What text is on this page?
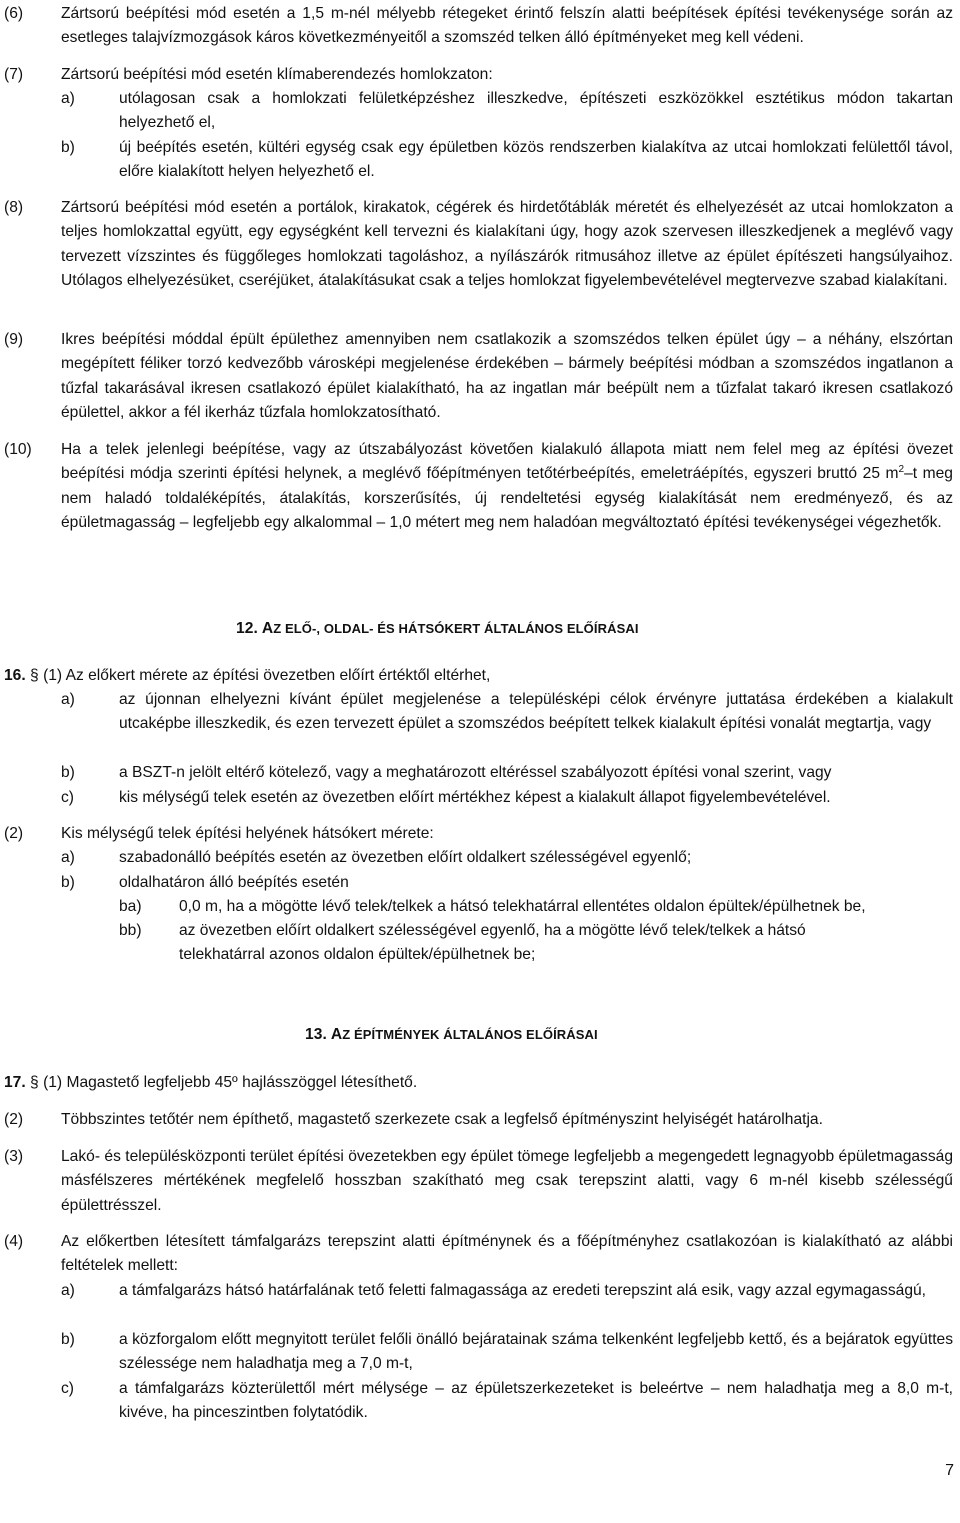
(6) Zártsorú beépítési mód esetén a 1,5 m-nél mélyebb rétegeket érintő felszín alatti beépítések építési tevékenysége során az esetleges talajvízmozgások káros következményeitől a szomszéd telken álló építményeket meg kell védeni.
(7) Zártsorú beépítési mód esetén klímaberendezés homlokzaton:
a)	utólagosan csak a homlokzati felületképzéshez illeszkedve, építészeti eszközökkel esztétikus módon takartan helyezhető el,
b)	új beépítés esetén, kültéri egység csak egy épületben közös rendszerben kialakítva az utcai homlokzati felülettől távol, előre kialakított helyen helyezhető el.
(8) Zártsorú beépítési mód esetén a portálok, kirakatok, cégérek és hirdetőtáblák méretét és elhelyezését az utcai homlokzaton a teljes homlokzattal együtt, egy egységként kell tervezni és kialakítani úgy, hogy azok szervesen illeszkedjenek a meglévő vagy tervezett vízszintes és függőleges homlokzati tagoláshoz, a nyílászárók ritmusához illetve az épület építészeti hangsúlyaihoz. Utólagos elhelyezésüket, cseréjüket, átalakításukat csak a teljes homlokzat figyelembevételével megtervezve szabad kialakítani.
(9) Ikres beépítési móddal épült épülethez amennyiben nem csatlakozik a szomszédos telken épület úgy – a néhány, elszórtan megépített féliker torzó kedvezőbb városképi megjelenése érdekében – bármely beépítési módban a szomszédos ingatlanon a tűzfal takarásával ikresen csatlakozó épület kialakítható, ha az ingatlan már beépült nem a tűzfalat takaró ikresen csatlakozó épülettel, akkor a fél ikerház tűzfala homlokzatosítható.
(10) Ha a telek jelenlegi beépítése, vagy az útszabályozást követően kialakuló állapota miatt nem felel meg az építési övezet beépítési módja szerinti építési helynek, a meglévő főépítményen tetőtérbeépítés, emeletráépítés, egyszeri bruttó 25 $m^2-t$ meg nem haladó toldaléképítés, átalakítás, korszerűsítés, új rendeltetési egység kialakítását nem eredményező, és az épületmagasság – legfeljebb egy alkalommal – 1,0 métert meg nem haladóan megváltoztató építési tevékenységei végezhetők.
12. AZ ELŐ-, OLDAL- ÉS HÁTSÓKERT ÁLTALÁNOS ELŐÍRÁSAI
16. § (1) Az előkert mérete az építési övezetben előírt értéktől eltérhet,
a)	az újonnan elhelyezni kívánt épület megjelenése a településképi célok érvényre juttatása érdekében a kialakult utcaképbe illeszkedik, és ezen tervezett épület a szomszédos beépített telkek kialakult építési vonalát megtartja, vagy
b)	a BSZT-n jelölt eltérő kötelező, vagy a meghatározott eltéréssel szabályozott építési vonal szerint, vagy
c)	kis mélységű telek esetén az övezetben előírt mértékhez képest a kialakult állapot figyelembevételével.
(2) Kis mélységű telek építési helyének hátsókert mérete:
a)	szabadonálló beépítés esetén az övezetben előírt oldalkert szélességével egyenlő;
b)	oldalhatáron álló beépítés esetén
ba) 0,0 m, ha a mögötte lévő telek/telkek a hátsó telekhatárral ellentétes oldalon épültek/épülhetnek be,
bb) az övezetben előírt oldalkert szélességével egyenlő, ha a mögötte lévő telek/telkek a hátsó telekhatárral azonos oldalon épültek/épülhetnek be;
13. AZ ÉPÍTMÉNYEK ÁLTALÁNOS ELŐÍRÁSAI
17. § (1) Magastető legfeljebb 45º hajlásszöggel létesíthető.
(2) Többszintes tetőtér nem építhető, magastető szerkezete csak a legfelső építményszint helyiségét határolhatja.
(3) Lakó- és településközponti terület építési övezetekben egy épület tömege legfeljebb a megengedett legnagyobb épületmagasság másfélszeres mértékének megfelelő hosszban szakítható meg csak terepszint alatti, vagy 6 m-nél kisebb szélességű épülettrésszel.
(4) Az előkertben létesített támfalgarázs terepszint alatti építménynek és a főépítményhez csatlakozóan is kialakítható az alábbi feltételek mellett:
a)	a támfalgarázs hátsó határfalának tető feletti falmagassága az eredeti terepszint alá esik, vagy azzal egymagasságú,
b)	a közforgalom előtt megnyitott terület felőli önálló bejáratainak száma telkenként legfeljebb kettő, és a bejáratok együttes szélessége nem haladhatja meg a 7,0 m-t,
c)	a támfalgarázs közterülettől mért mélysége – az épületszerkezeteket is beleértve – nem haladhatja meg a 8,0 m-t, kivéve, ha pinceszintben folytatódik.
7
